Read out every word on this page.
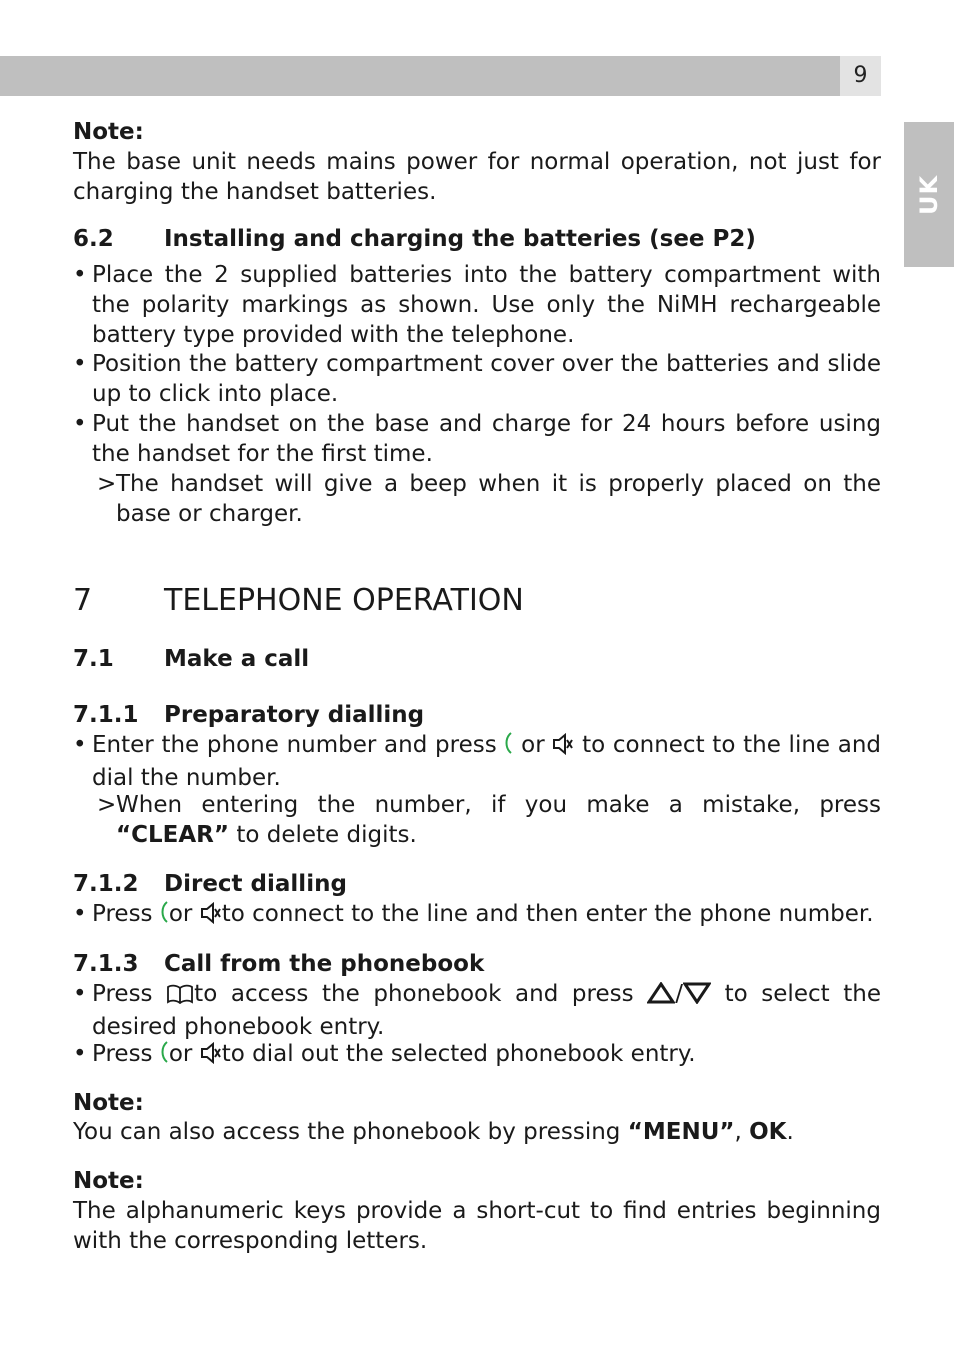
9
UK
Note:
The base unit needs mains power for normal operation, not just for charging the handset batteries.
6.2 Installing and charging the batteries (see P2)
• Place the 2 supplied batteries into the battery compartment with the polarity markings as shown. Use only the NiMH rechargeable battery type provided with the telephone.
• Position the battery compartment cover over the batteries and slide up to click into place.
• Put the handset on the base and charge for 24 hours before using the handset for the first time.
> The handset will give a beep when it is properly placed on the base or charger.
7 TELEPHONE OPERATION
7.1 Make a call
7.1.1 Preparatory dialling
• Enter the phone number and press or to connect to the line and dial the number.
> When entering the number, if you make a mistake, press “CLEAR” to delete digits.
7.1.2 Direct dialling
• Press or to connect to the line and then enter the phone number.
7.1.3 Call from the phonebook
• Press to access the phonebook and press / to select the desired phonebook entry.
• Press or to dial out the selected phonebook entry.
Note:
You can also access the phonebook by pressing “MENU”, OK.
Note:
The alphanumeric keys provide a short-cut to find entries beginning with the corresponding letters.
